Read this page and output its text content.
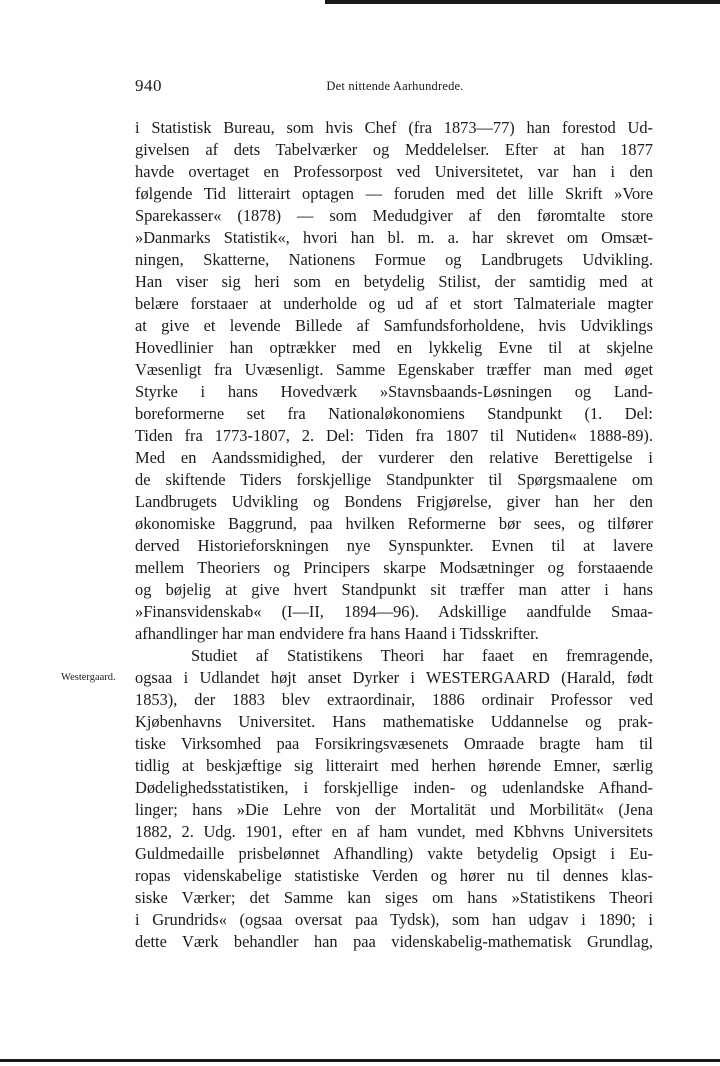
940	Det nittende Aarhundrede.
i Statistisk Bureau, som hvis Chef (fra 1873—77) han forestod Ud-
givelsen af dets Tabelværker og Meddelelser. Efter at han 1877
havde overtaget en Professorpost ved Universitetet, var han i den
følgende Tid litterairt optagen — foruden med det lille Skrift »Vore
Sparekasser« (1878) — som Medudgiver af den føromtalte store
»Danmarks Statistik«, hvori han bl. m. a. har skrevet om Omsæt-
ningen, Skatterne, Nationens Formue og Landbrugets Udvikling.
Han viser sig heri som en betydelig Stilist, der samtidig med at
belære forstaaer at underholde og ud af et stort Talmateriale magter
at give et levende Billede af Samfundsforholdene, hvis Udviklings
Hovedlinier han optrækker med en lykkelig Evne til at skjelne
Væsenligt fra Uvæsenligt. Samme Egenskaber træffer man med øget
Styrke i hans Hovedværk »Stavnsbaands-Løsningen og Land-
boreformerne set fra Nationaløkonomiens Standpunkt (1. Del:
Tiden fra 1773-1807, 2. Del: Tiden fra 1807 til Nutiden« 1888-89).
Med en Aandssmidighed, der vurderer den relative Berettigelse i
de skiftende Tiders forskjellige Standpunkter til Spørgsmaalene om
Landbrugets Udvikling og Bondens Frigjørelse, giver han her den
økonomiske Baggrund, paa hvilken Reformerne bør sees, og tilfører
derved Historieforskningen nye Synspunkter. Evnen til at lavere
mellem Theoriers og Principers skarpe Modsætninger og forstaaende
og bøjelig at give hvert Standpunkt sit træffer man atter i hans
»Finansvidenskab« (I—II, 1894—96). Adskillige aandfulde Smaa-
afhandlinger har man endvidere fra hans Haand i Tidsskrifter.
Studiet af Statistikens Theori har faaet en fremragende,
Westergaard. ogsaa i Udlandet højt anset Dyrker i WESTERGAARD (Harald, født
1853), der 1883 blev extraordinair, 1886 ordinair Professor ved
Kjøbenhavns Universitet. Hans mathematiske Uddannelse og prak-
tiske Virksomhed paa Forsikringsvæsenets Omraade bragte ham til
tidlig at beskjæftige sig litterairt med herhen hørende Emner, særlig
Dødelighedsstatistiken, i forskjellige inden- og udenlandske Afhand-
linger; hans »Die Lehre von der Mortalität und Morbilität« (Jena
1882, 2. Udg. 1901, efter en af ham vundet, med Kbhvns Universitets
Guldmedaille prisbelønnet Afhandling) vakte betydelig Opsigt i Eu-
ropas videnskabelige statistiske Verden og hører nu til dennes klas-
siske Værker; det Samme kan siges om hans »Statistikens Theori
i Grundrids« (ogsaa oversat paa Tydsk), som han udgav i 1890; i
dette Værk behandler han paa videnskabelig-mathematisk Grundlag,
